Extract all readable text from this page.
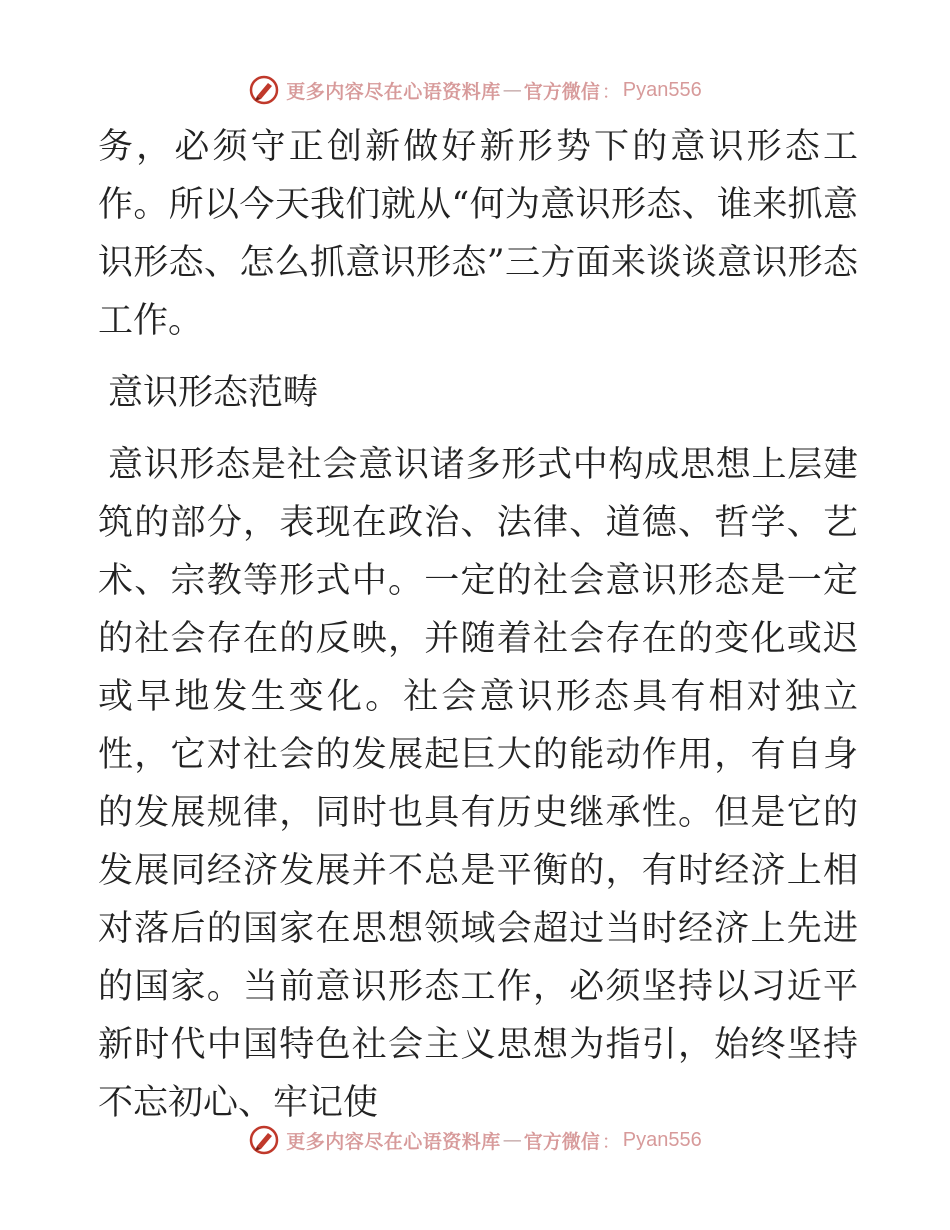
更多内容尽在心语资料库 — 官方微信 ： Pyan556

务，必须守正创新做好新形势下的意识形态工作。所以今天我们就从“何为意识形态、谁来抓意识形态、怎么抓意识形态”三方面来谈谈意识形态工作。

意识形态范畴

意识形态是社会意识诸多形式中构成思想上层建筑的部分，表现在政治、法律、道德、哲学、艺术、宗教等形式中。一定的社会意识形态是一定的社会存在的反映，并随着社会存在的变化或迟或早地发生变化。社会意识形态具有相对独立性，它对社会的发展起巨大的能动作用，有自身的发展规律，同时也具有历史继承性。但是它的发展同经济发展并不总是平衡的，有时经济上相对落后的国家在思想领域会超过当时经济上先进的国家。当前意识形态工作，必须坚持以习近平新时代中国特色社会主义思想为指引，始终坚持不忘初心、牢记使

更多内容尽在心语资料库 — 官方微信 ： Pyan556
